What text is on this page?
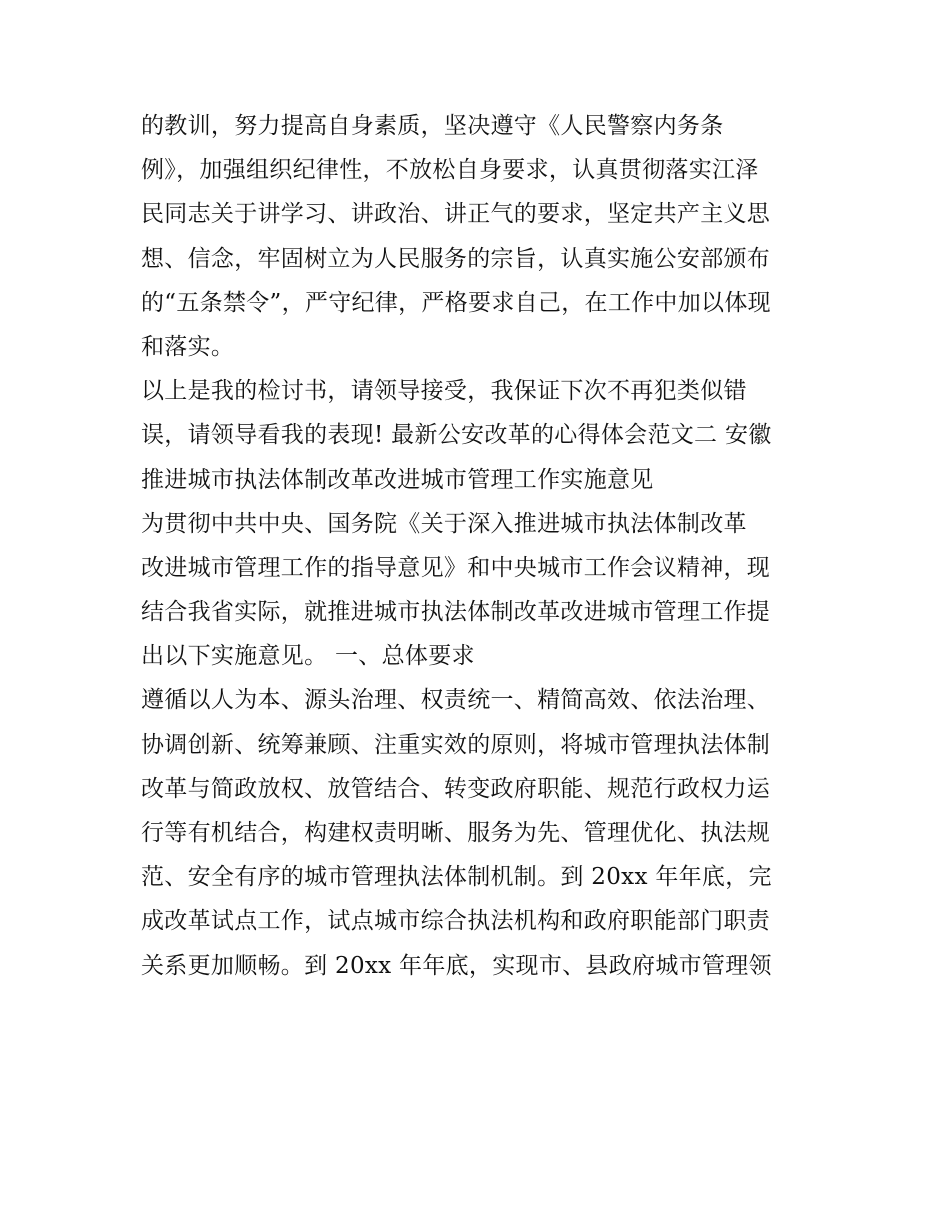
的教训，努力提高自身素质，坚决遵守《人民警察内务条
例》，加强组织纪律性，不放松自身要求，认真贯彻落实江泽
民同志关于讲学习、讲政治、讲正气的要求，坚定共产主义思
想、信念，牢固树立为人民服务的宗旨，认真实施公安部颁布
的“五条禁令”，严守纪律，严格要求自己，在工作中加以体现
和落实。
以上是我的检讨书，请领导接受，我保证下次不再犯类似错
误，请领导看我的表现! 最新公安改革的心得体会范文二 安徽
推进城市执法体制改革改进城市管理工作实施意见
为贯彻中共中央、国务院《关于深入推进城市执法体制改革
改进城市管理工作的指导意见》和中央城市工作会议精神，现
结合我省实际，就推进城市执法体制改革改进城市管理工作提
出以下实施意见。 一、总体要求
遵循以人为本、源头治理、权责统一、精简高效、依法治理、
协调创新、统筹兼顾、注重实效的原则，将城市管理执法体制
改革与简政放权、放管结合、转变政府职能、规范行政权力运
行等有机结合，构建权责明晰、服务为先、管理优化、执法规
范、安全有序的城市管理执法体制机制。到 20xx 年年底，完
成改革试点工作，试点城市综合执法机构和政府职能部门职责
关系更加顺畅。到 20xx 年年底，实现市、县政府城市管理领
